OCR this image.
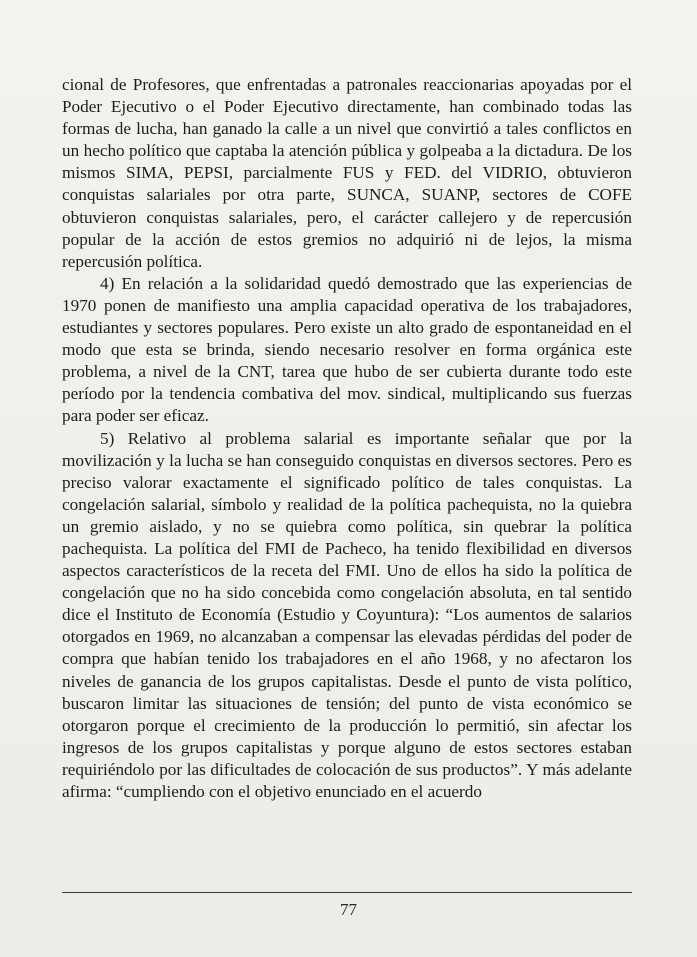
cional de Profesores, que enfrentadas a patronales reaccionarias apoyadas por el Poder Ejecutivo o el Poder Ejecutivo directamente, han combinado todas las formas de lucha, han ganado la calle a un nivel que convirtió a tales conflictos en un hecho político que captaba la atención pública y golpeaba a la dictadura. De los mismos SIMA, PEPSI, parcialmente FUS y FED. del VIDRIO, obtuvieron conquistas salariales por otra parte, SUNCA, SUANP, sectores de COFE obtuvieron conquistas salariales, pero, el carácter callejero y de repercusión popular de la acción de estos gremios no adquirió ni de lejos, la misma repercusión política.

4) En relación a la solidaridad quedó demostrado que las experiencias de 1970 ponen de manifiesto una amplia capacidad operativa de los trabajadores, estudiantes y sectores populares. Pero existe un alto grado de espontaneidad en el modo que esta se brinda, siendo necesario resolver en forma orgánica este problema, a nivel de la CNT, tarea que hubo de ser cubierta durante todo este período por la tendencia combativa del mov. sindical, multiplicando sus fuerzas para poder ser eficaz.

5) Relativo al problema salarial es importante señalar que por la movilización y la lucha se han conseguido conquistas en diversos sectores. Pero es preciso valorar exactamente el significado político de tales conquistas. La congelación salarial, símbolo y realidad de la política pachequista, no la quiebra un gremio aislado, y no se quiebra como política, sin quebrar la política pachequista. La política del FMI de Pacheco, ha tenido flexibilidad en diversos aspectos característicos de la receta del FMI. Uno de ellos ha sido la política de congelación que no ha sido concebida como congelación absoluta, en tal sentido dice el Instituto de Economía (Estudio y Coyuntura): “Los aumentos de salarios otorgados en 1969, no alcanzaban a compensar las elevadas pérdidas del poder de compra que habían tenido los trabajadores en el año 1968, y no afectaron los niveles de ganancia de los grupos capitalistas. Desde el punto de vista político, buscaron limitar las situaciones de tensión; del punto de vista económico se otorgaron porque el crecimiento de la producción lo permitió, sin afectar los ingresos de los grupos capitalistas y porque alguno de estos sectores estaban requiriéndolo por las dificultades de colocación de sus productos”. Y más adelante afirma: “cumpliendo con el objetivo enunciado en el acuerdo

77
